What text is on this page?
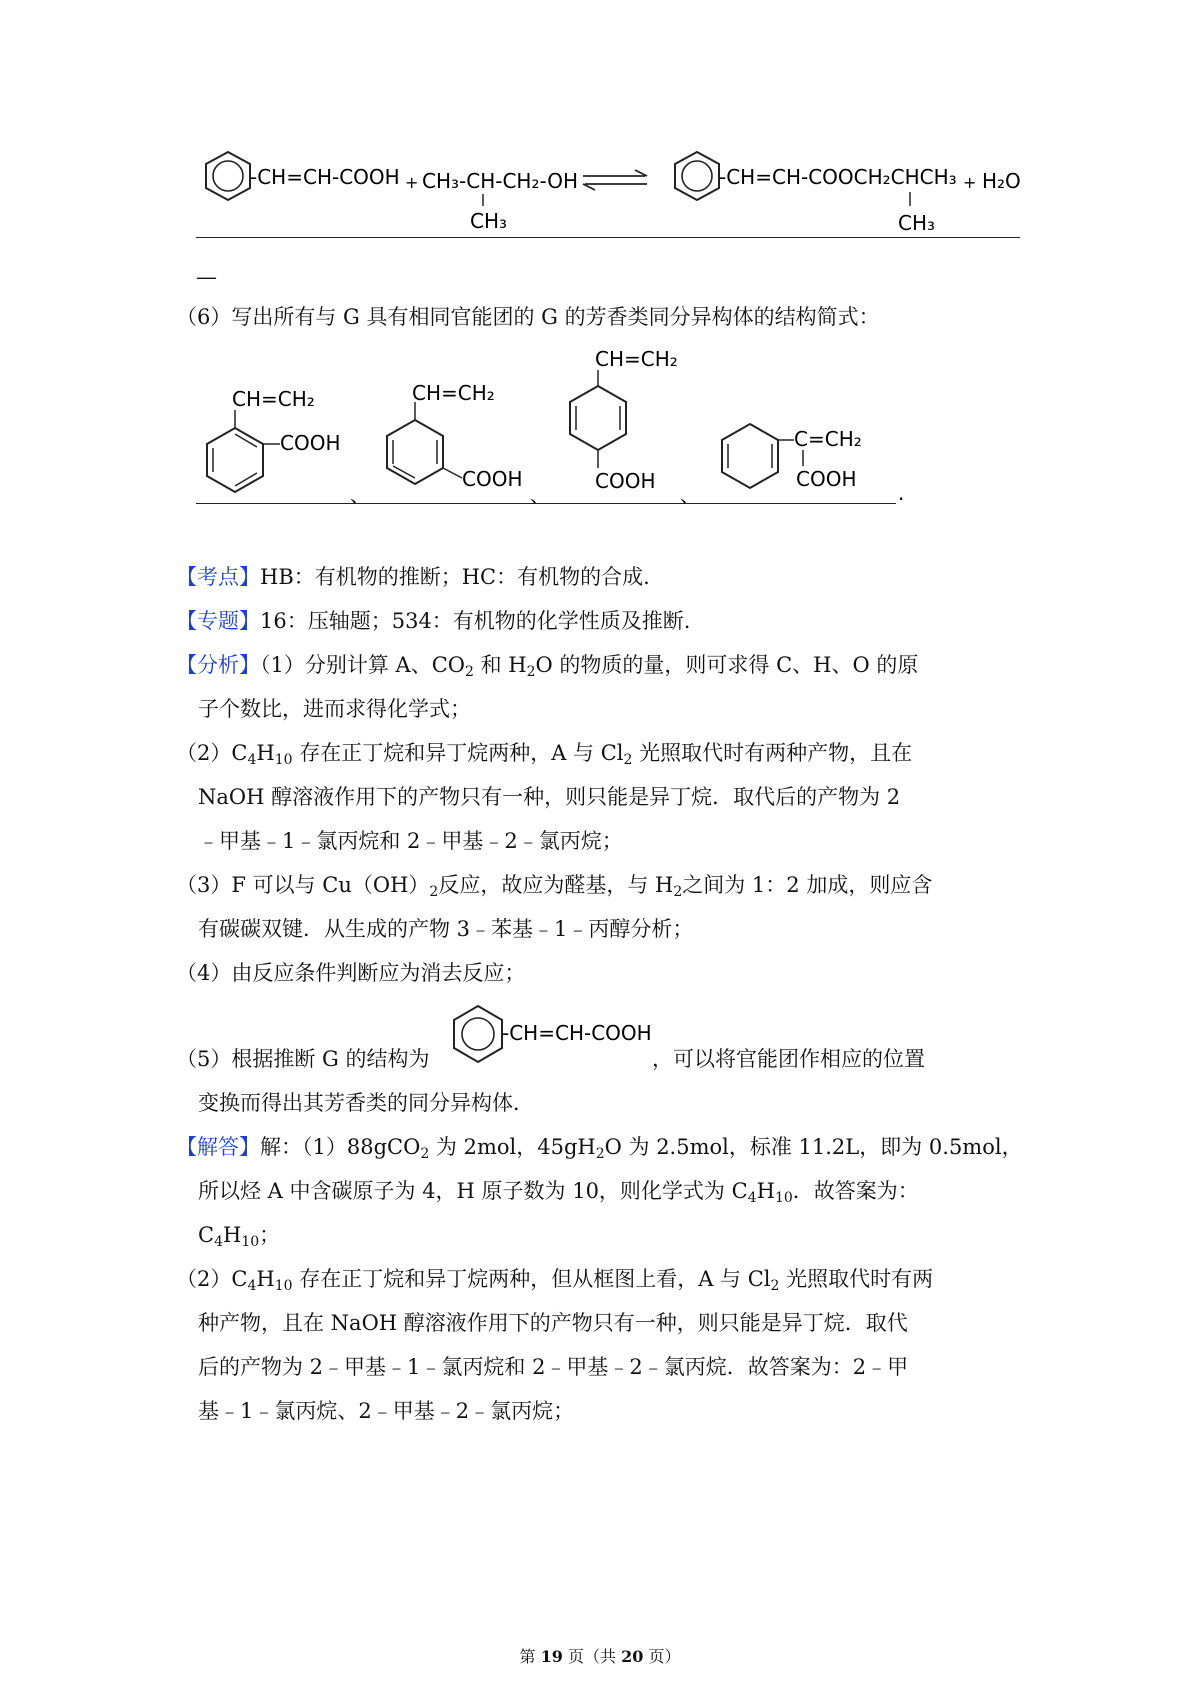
-CH=CH-COOH + CH₃-CH-CH₂-OH
CH₃
-CH=CH-COOCH₂CHCH₃
CH₃
+ H₂O
—
（6）写出所有与 G 具有相同官能团的 G 的芳香类同分异构体的结构简式：
CH=CH₂
COOH
、
CH=CH₂
COOH
、
CH=CH₂
COOH
、
C=CH₂
COOH
.
【考点】HB：有机物的推断；HC：有机物的合成.
【专题】16：压轴题；534：有机物的化学性质及推断.
【分析】（1）分别计算 A、$CO_2$ 和 $H_2O$ 的物质的量，则可求得 C、H、O 的原
子个数比，进而求得化学式；
$(2)C_4H_{10}$ 存在正丁烷和异丁烷两种，A 与 $Cl_2$ 光照取代时有两种产物，且在
NaOH 醇溶液作用下的产物只有一种，则只能是异丁烷．取代后的产物为 2
﹣甲基﹣1﹣氯丙烷和 2﹣甲基﹣2﹣氯丙烷；
（3）F 可以与 $Cu(OH)_2$反应，故应为醛基，与 $H_2$之间为 1：2 加成，则应含
有碳碳双键．从生成的产物 3﹣苯基﹣1﹣丙醇分析；
（4）由反应条件判断应为消去反应；
（5）根据推断 G 的结构为
-CH=CH-COOH
，可以将官能团作相应的位置
变换而得出其芳香类的同分异构体．
【解答】解：（1）88gCO$_2$ 为 2mol，$45gH_2O$ 为 2.5mol，标准 11.2L，即为 0.5mol，
所以烃 A 中含碳原子为 4，H 原子数为 10，则化学式为 $C_4H_{10}$．故答案为：
$C_4H_{10}$；
$(2)C_4H_{10}$ 存在正丁烷和异丁烷两种，但从框图上看，A 与 $Cl_2$ 光照取代时有两
种产物，且在 NaOH 醇溶液作用下的产物只有一种，则只能是异丁烷．取代
后的产物为 2﹣甲基﹣1﹣氯丙烷和 2﹣甲基﹣2﹣氯丙烷．故答案为：2﹣甲
基﹣1﹣氯丙烷、2﹣甲基﹣2﹣氯丙烷；
第 19 页（共 20 页）
